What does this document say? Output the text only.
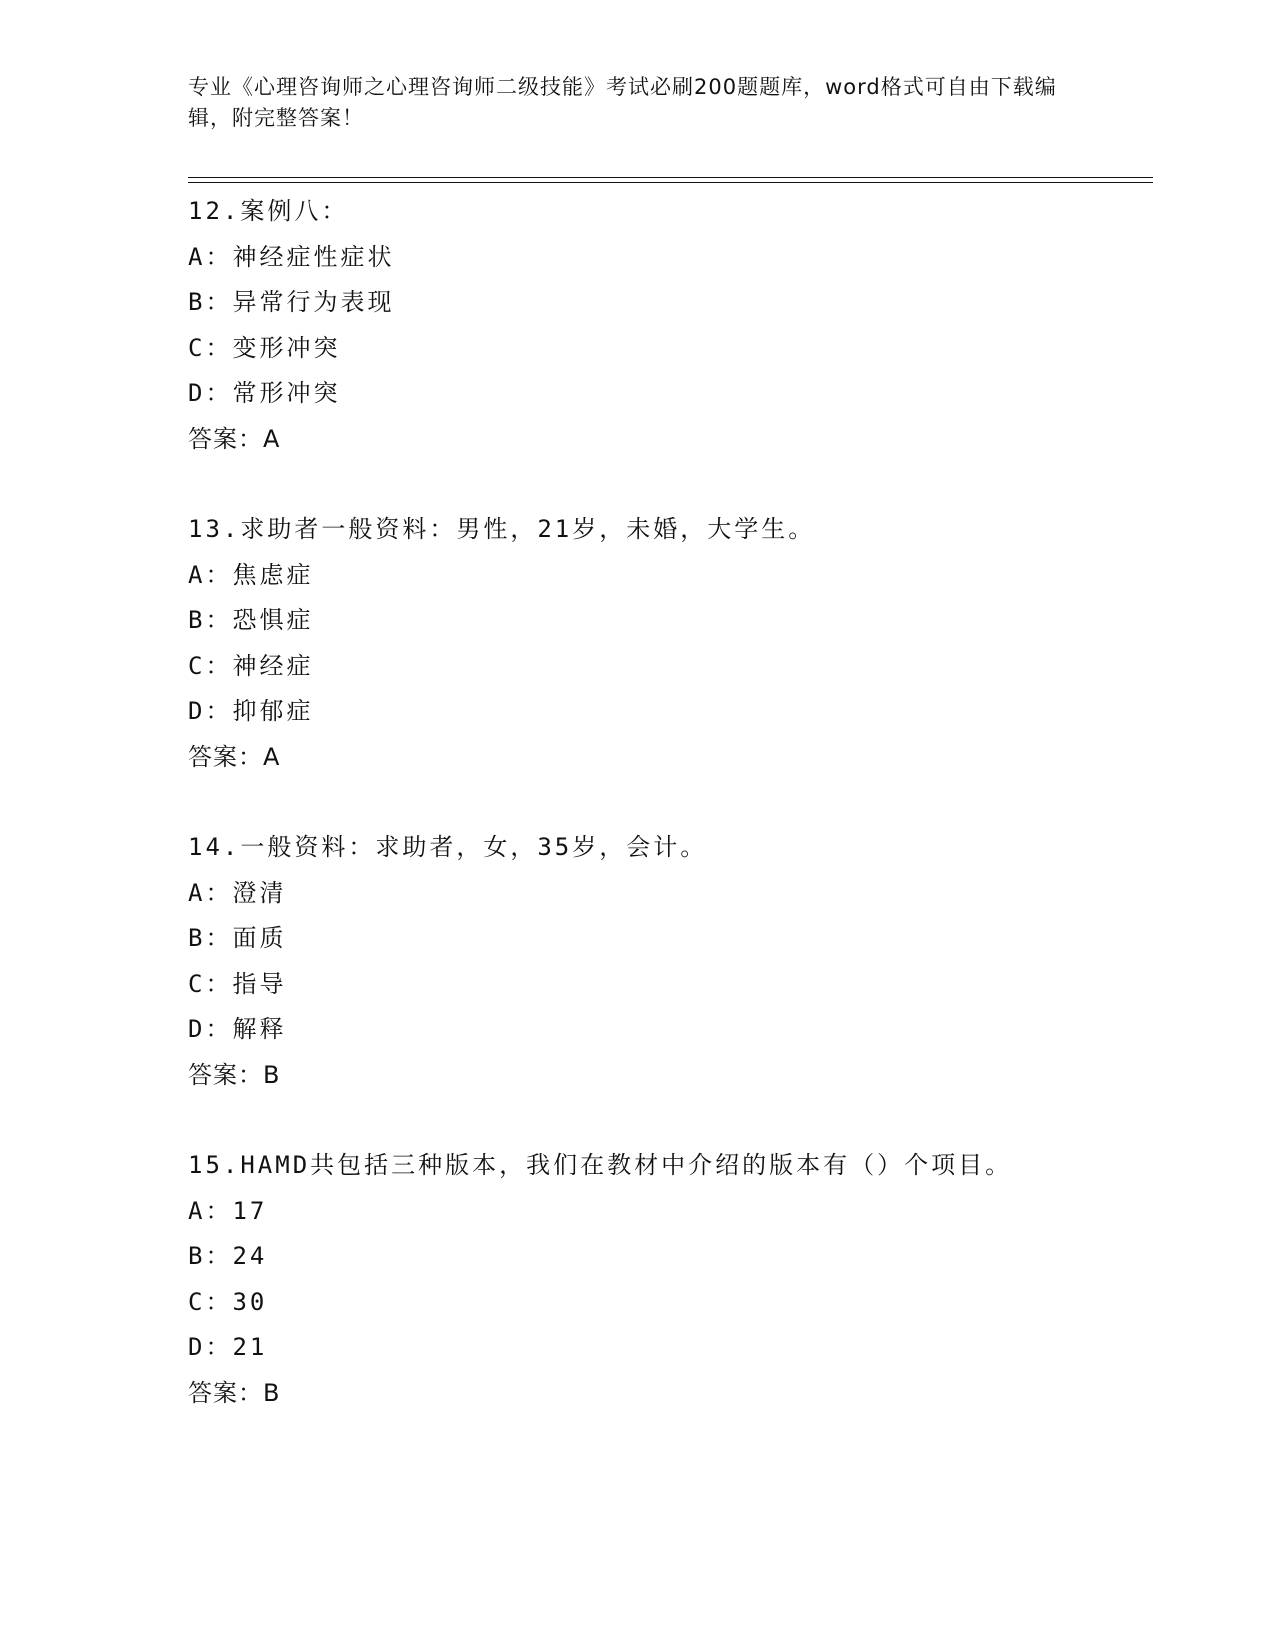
专业《心理咨询师之心理咨询师二级技能》考试必刷200题题库，word格式可自由下载编辑，附完整答案！
12.案例八：
A：神经症性症状
B：异常行为表现
C：变形冲突
D：常形冲突
答案：A
13.求助者一般资料：男性，21岁，未婚，大学生。
A：焦虑症
B：恐惧症
C：神经症
D：抑郁症
答案：A
14.一般资料：求助者，女，35岁，会计。
A：澄清
B：面质
C：指导
D：解释
答案：B
15.HAMD共包括三种版本，我们在教材中介绍的版本有（）个项目。
A：17
B：24
C：30
D：21
答案：B
